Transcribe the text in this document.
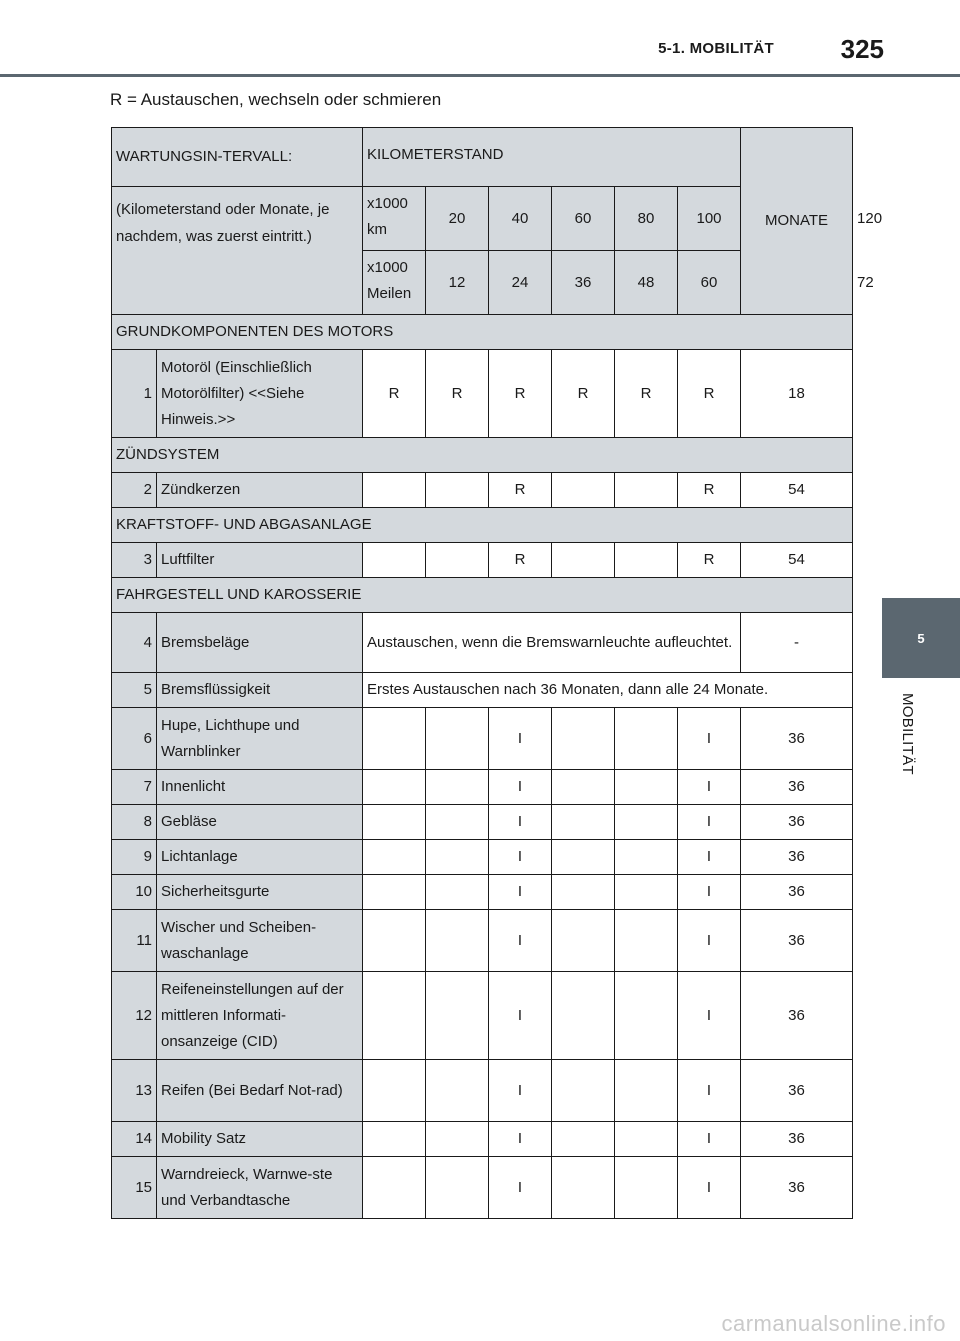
5-1. MOBILITÄT	325
5
MOBILITÄT
R = Austauschen, wechseln oder schmieren
WARTUNGSIN-TERVALL:		KILOMETERSTAND						MONATE	
(Kilometerstand oder Monate, je nachdem, was zuerst eintritt.)		x1000 km	20	40	60	80	100		120
		x1000 Meilen	12	24	36	48	60		72
GRUNDKOMPONENTEN DES MOTORS									
1	Motoröl (Einschließlich Motorölfilter) <<Siehe Hinweis.>>	R	R	R	R	R	R	18	
ZÜNDSYSTEM									
2	Zündkerzen			R			R	54	
KRAFTSTOFF- UND ABGASANLAGE									
3	Luftfilter			R			R	54	
FAHRGESTELL UND KAROSSERIE									
4	Bremsbeläge	Austauschen, wenn die Bremswarnleuchte aufleuchtet.						-	
5	Bremsflüssigkeit	Erstes Austauschen nach 36 Monaten, dann alle 24 Monate.							
6	Hupe, Lichthupe und Warnblinker			I			I	36	
7	Innenlicht			I			I	36	
8	Gebläse			I			I	36	
9	Lichtanlage			I			I	36	
10	Sicherheitsgurte			I			I	36	
11	Wischer und Scheiben-waschanlage			I			I	36	
12	Reifeneinstellungen auf der mittleren Informati-onsanzeige (CID)			I			I	36	
13	Reifen (Bei Bedarf Not-rad)			I			I	36	
14	Mobility Satz			I			I	36	
15	Warndreieck, Warnwe-ste und Verbandtasche			I			I	36	
carmanualsonline.info
